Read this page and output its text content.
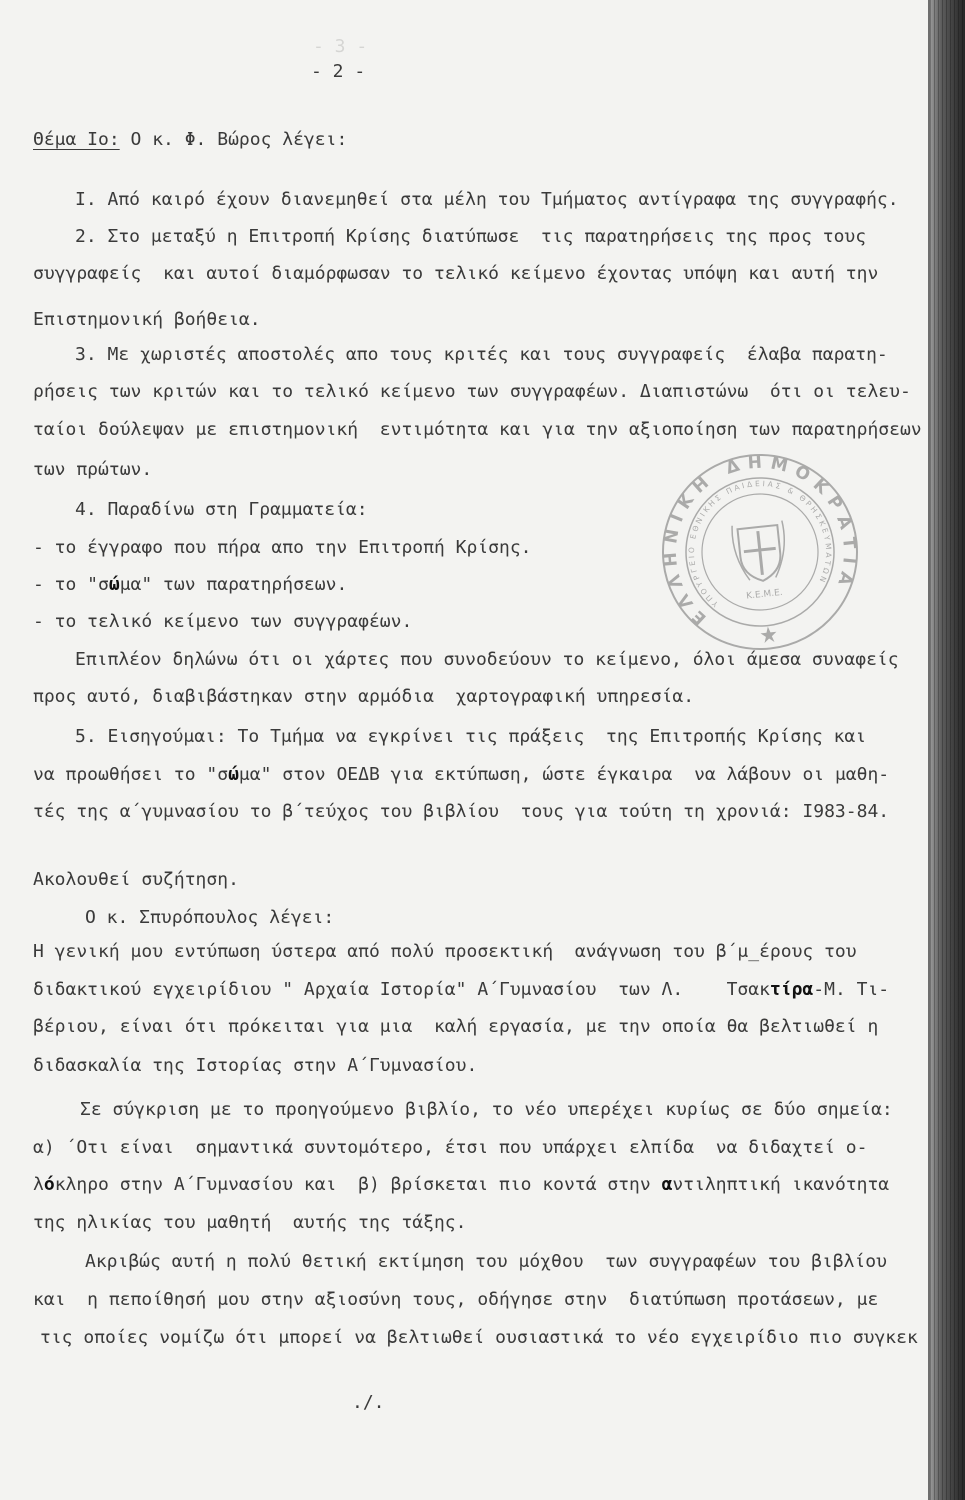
- 3 -
- 2 -
Θέμα Ιο: Ο κ. Φ. Βώρος λέγει:
Ι. Από καιρό έχουν διανεμηθεί στα μέλη του Τμήματος αντίγραφα της συγγραφής.
2. Στο μεταξύ η Επιτροπή Κρίσης διατύπωσε  τις παρατηρήσεις της προς τους
συγγραφείς  και αυτοί διαμόρφωσαν το τελικό κείμενο έχοντας υπόψη και αυτή την
Επιστημονική βοήθεια.
3. Με χωριστές αποστολές απο τους κριτές και τους συγγραφείς  έλαβα παρατη-
ρήσεις των κριτών και το τελικό κείμενο των συγγραφέων. Διαπιστώνω  ότι οι τελευ-
ταίοι δούλεψαν με επιστημονική  εντιμότητα και για την αξιοποίηση των παρατηρήσεων
των πρώτων.
4. Παραδίνω στη Γραμματεία:
- το έγγραφο που πήρα απο την Επιτροπή Κρίσης.
- το "σώμα" των παρατηρήσεων.
- το τελικό κείμενο των συγγραφέων.
Επιπλέον δηλώνω ότι οι χάρτες που συνοδεύουν το κείμενο, όλοι άμεσα συναφείς
προς αυτό, διαβιβάστηκαν στην αρμόδια  χαρτογραφική υπηρεσία.
5. Εισηγούμαι: Το Τμήμα να εγκρίνει τις πράξεις  της Επιτροπής Κρίσης και
να προωθήσει το "σώμα" στον ΟΕΔΒ για εκτύπωση, ώστε έγκαιρα  να λάβουν οι μαθη-
τές της α΄γυμνασίου το β΄τεύχος του βιβλίου  τους για τούτη τη χρονιά: Ι983-84.
Ακολουθεί συζήτηση.
Ο κ. Σπυρόπουλος λέγει:
Η γενική μου εντύπωση ύστερα από πολύ προσεκτική  ανάγνωση του β΄μ_έρους του
διδακτικού εγχειρίδιου " Αρχαία Ιστορία" Α΄Γυμνασίου  των Λ.    Τσακτίρα-Μ. Τι-
βέριου, είναι ότι πρόκειται για μια  καλή εργασία, με την οποία θα βελτιωθεί η
διδασκαλία της Ιστορίας στην Α΄Γυμνασίου.
Σε σύγκριση με το προηγούμενο βιβλίο, το νέο υπερέχει κυρίως σε δύο σημεία:
α) ΄Οτι είναι  σημαντικά συντομότερο, έτσι που υπάρχει ελπίδα  να διδαχτεί ο-
λόκληρο στην Α΄Γυμνασίου και  β) βρίσκεται πιο κοντά στην αντιληπτική ικανότητα
της ηλικίας του μαθητή  αυτής της τάξης.
Ακριβώς αυτή η πολύ θετική εκτίμηση του μόχθου  των συγγραφέων του βιβλίου
και  η πεποίθησή μου στην αξιοσύνη τους, οδήγησε στην  διατύπωση προτάσεων, με
τις οποίες νομίζω ότι μπορεί να βελτιωθεί ουσιαστικά το νέο εγχειρίδιο πιο συγκεκ
./.
ΕΛΛΗΝΙΚΗ ΔΗΜΟΚΡΑΤΙΑ
ΥΠΟΥΡΓΕΙΟ ΕΘΝΙΚΗΣ ΠΑΙΔΕΙΑΣ & ΘΡΗΣΚΕΥΜΑΤΩΝ
Κ.Ε.Μ.Ε.
